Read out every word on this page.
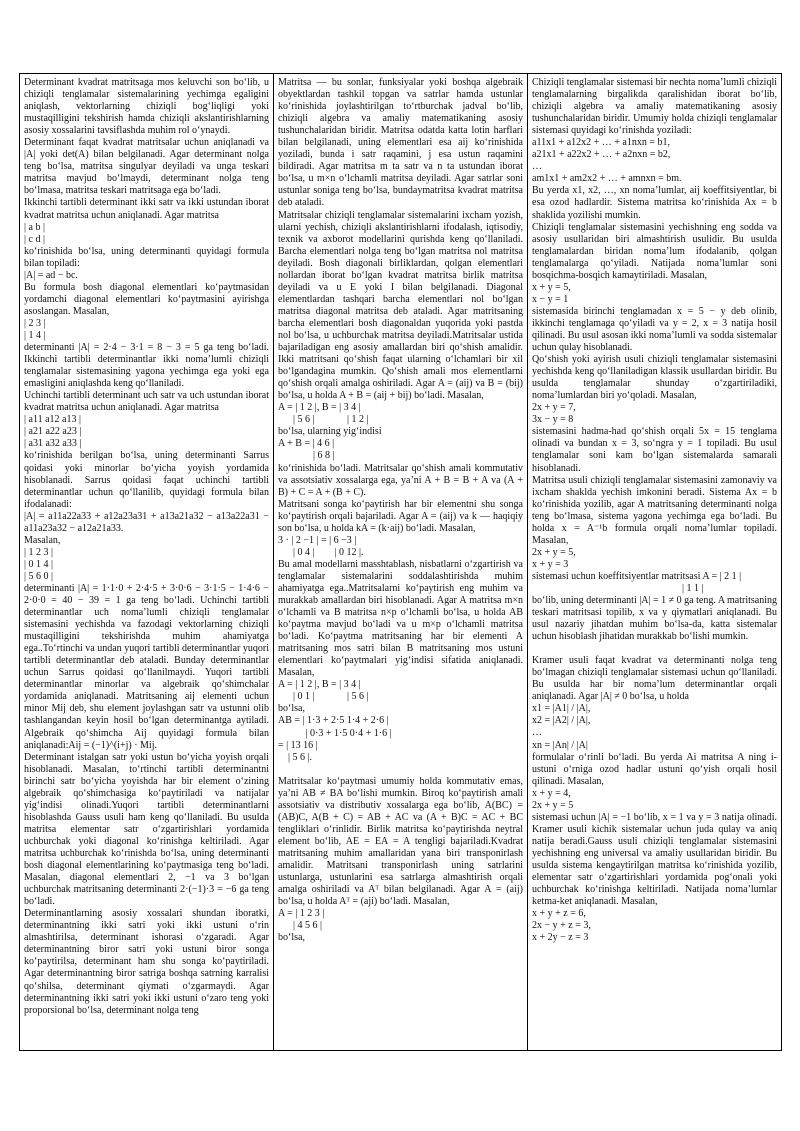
Determinant kvadrat matritsaga mos keluvchi son bo‘lib, u chiziqli tenglamalar sistemalarining yechimga egaligini aniqlash, vektorlarning chiziqli bog‘liqligi yoki mustaqilligini tekshirish hamda chiziqli akslantirishlarning asosiy xossalarini tavsiflashda muhim rol o‘ynaydi.

Determinant faqat kvadrat matritsalar uchun aniqlanadi va |A| yoki det(A) bilan belgilanadi. Agar determinant nolga teng bo‘lsa, matritsa singulyar deyiladi va unga teskari matritsa mavjud bo‘lmaydi, determinant nolga teng bo‘lmasa, matritsa teskari matritsaga ega bo‘ladi.

Ikkinchi tartibli determinant ikki satr va ikki ustundan iborat kvadrat matritsa uchun aniqlanadi. Agar matritsa

| a b |

| c d |

ko‘rinishida bo‘lsa, uning determinanti quyidagi formula bilan topiladi:

|A| = ad − bc.

Bu formula bosh diagonal elementlari ko‘paytmasidan yordamchi diagonal elementlari ko‘paytmasini ayirishga asoslangan. Masalan,

| 2 3 |

| 1 4 |

determinanti |A| = 2·4 − 3·1 = 8 − 3 = 5 ga teng bo‘ladi. Ikkinchi tartibli determinantlar ikki noma’lumli chiziqli tenglamalar sistemasining yagona yechimga ega yoki ega emasligini aniqlashda keng qo‘llaniladi.

Uchinchi tartibli determinant uch satr va uch ustundan iborat kvadrat matritsa uchun aniqlanadi. Agar matritsa

| a11 a12 a13 |

| a21 a22 a23 |

| a31 a32 a33 |

ko‘rinishida berilgan bo‘lsa, uning determinanti Sarrus qoidasi yoki minorlar bo‘yicha yoyish yordamida hisoblanadi. Sarrus qoidasi faqat uchinchi tartibli determinantlar uchun qo‘llanilib, quyidagi formula bilan ifodalanadi:

|A| = a11a22a33 + a12a23a31 + a13a21a32 − a13a22a31 − a11a23a32 − a12a21a33.

Masalan,

| 1 2 3 |

| 0 1 4 |

| 5 6 0 |

determinanti |A| = 1·1·0 + 2·4·5 + 3·0·6 − 3·1·5 − 1·4·6 − 2·0·0 = 40 − 39 = 1 ga teng bo‘ladi. Uchinchi tartibli determinantlar uch noma’lumli chiziqli tenglamalar sistemasini yechishda va fazodagi vektorlarning chiziqli mustaqilligini tekshirishda muhim ahamiyatga ega..To‘rtinchi va undan yuqori tartibli determinantlar yuqori tartibli determinantlar deb ataladi. Bunday determinantlar uchun Sarrus qoidasi qo‘llanilmaydi. Yuqori tartibli determinantlar minorlar va algebraik qo‘shimchalar yordamida aniqlanadi. Matritsaning aij elementi uchun minor Mij deb, shu element joylashgan satr va ustunni olib tashlangandan keyin hosil bo‘lgan determinantga aytiladi. Algebraik qo‘shimcha Aij quyidagi formula bilan aniqlanadi:Aij = (−1)^(i+j) · Mij.

Determinant istalgan satr yoki ustun bo‘yicha yoyish orqali hisoblanadi. Masalan, to‘rtinchi tartibli determinantni birinchi satr bo‘yicha yoyishda har bir element o‘zining algebraik qo‘shimchasiga ko‘paytiriladi va natijalar yig‘indisi olinadi.Yuqori tartibli determinantlarni hisoblashda Gauss usuli ham keng qo‘llaniladi. Bu usulda matritsa elementar satr o‘zgartirishlari yordamida uchburchak yoki diagonal ko‘rinishga keltiriladi. Agar matritsa uchburchak ko‘rinishda bo‘lsa, uning determinanti bosh diagonal elementlarining ko‘paytmasiga teng bo‘ladi. Masalan, diagonal elementlari 2, −1 va 3 bo‘lgan uchburchak matritsaning determinanti 2·(−1)·3 = −6 ga teng bo‘ladi.

Determinantlarning asosiy xossalari shundan iboratki, determinantning ikki satri yoki ikki ustuni o‘rin almashtirilsa, determinant ishorasi o‘zgaradi. Agar determinantning biror satri yoki ustuni biror songa ko‘paytirilsa, determinant ham shu songa ko‘paytiriladi. Agar determinantning biror satriga boshqa satrning karralisi qo‘shilsa, determinant qiymati o‘zgarmaydi. Agar determinantning ikki satri yoki ikki ustuni o‘zaro teng yoki proporsional bo‘lsa, determinant nolga teng

Matritsa — bu sonlar, funksiyalar yoki boshqa algebraik obyektlardan tashkil topgan va satrlar hamda ustunlar ko‘rinishida joylashtirilgan to‘rtburchak jadval bo‘lib, chiziqli algebra va amaliy matematikaning asosiy tushunchalaridan biridir. Matritsa odatda katta lotin harflari bilan belgilanadi, uning elementlari esa aij ko‘rinishida yoziladi, bunda i satr raqamini, j esa ustun raqamini bildiradi. Agar matritsa m ta satr va n ta ustundan iborat bo‘lsa, u m×n o‘lchamli matritsa deyiladi. Agar satrlar soni ustunlar soniga teng bo‘lsa, bundaymatritsa kvadrat matritsa deb ataladi.

Matritsalar chiziqli tenglamalar sistemalarini ixcham yozish, ularni yechish, chiziqli akslantirishlarni ifodalash, iqtisodiy, texnik va axborot modellarini qurishda keng qo‘llaniladi. Barcha elementlari nolga teng bo‘lgan matritsa nol matritsa deyiladi. Bosh diagonali birliklardan, qolgan elementlari nollardan iborat bo‘lgan kvadrat matritsa birlik matritsa deyiladi va u E yoki I bilan belgilanadi. Diagonal elementlardan tashqari barcha elementlari nol bo‘lgan matritsa diagonal matritsa deb ataladi. Agar matritsaning barcha elementlari bosh diagonaldan yuqorida yoki pastda nol bo‘lsa, u uchburchak matritsa deyiladi.Matritsalar ustida bajariladigan eng asosiy amallardan biri qo‘shish amalidir. Ikki matritsani qo‘shish faqat ularning o‘lchamlari bir xil bo‘lgandagina mumkin. Qo‘shish amali mos elementlarni qo‘shish orqali amalga oshiriladi. Agar A = (aij) va B = (bij) bo‘lsa, u holda A + B = (aij + bij) bo‘ladi. Masalan,

A = | 1 2 |, B = | 3 4 |

| 5 6 |             | 1 2 |

bo‘lsa, ularning yig‘indisi

A + B = | 4 6 |

| 6 8 |

ko‘rinishida bo‘ladi. Matritsalar qo‘shish amali kommutativ va assotsiativ xossalarga ega, ya’ni A + B = B + A va (A + B) + C = A + (B + C).

Matritsani songa ko‘paytirish har bir elementni shu songa ko‘paytirish orqali bajariladi. Agar A = (aij) va k — haqiqiy son bo‘lsa, u holda kA = (k·aij) bo‘ladi. Masalan,

3 · | 2 −1 | = | 6 −3 |

| 0 4 |        | 0 12 |.

Bu amal modellarni masshtablash, nisbatlarni o‘zgartirish va tenglamalar sistemalarini soddalashtirishda muhim ahamiyatga ega..Matritsalarni ko‘paytirish eng muhim va murakkab amallardan biri hisoblanadi. Agar A matritsa m×n o‘lchamli va B matritsa n×p o‘lchamli bo‘lsa, u holda AB ko‘paytma mavjud bo‘ladi va u m×p o‘lchamli matritsa bo‘ladi. Ko‘paytma matritsaning har bir elementi A matritsaning mos satri bilan B matritsaning mos ustuni elementlari ko‘paytmalari yig‘indisi sifatida aniqlanadi. Masalan,

A = | 1 2 |, B = | 3 4 |

| 0 1 |             | 5 6 |

bo‘lsa,

AB = | 1·3 + 2·5 1·4 + 2·6 |

| 0·3 + 1·5 0·4 + 1·6 |

= | 13 16 |

| 5 6 |.

Matritsalar ko‘paytmasi umumiy holda kommutativ emas, ya’ni AB ≠ BA bo‘lishi mumkin. Biroq ko‘paytirish amali assotsiativ va distributiv xossalarga ega bo‘lib, A(BC) = (AB)C, A(B + C) = AB + AC va (A + B)C = AC + BC tengliklari o‘rinlidir. Birlik matritsa ko‘paytirishda neytral element bo‘lib, AE = EA = A tengligi bajariladi.Kvadrat matritsaning muhim amallaridan yana biri transponirlash amalidir. Matritsani transponirlash uning satrlarini ustunlarga, ustunlarini esa satrlarga almashtirish orqali amalga oshiriladi va Aᵀ bilan belgilanadi. Agar A = (aij) bo‘lsa, u holda Aᵀ = (aji) bo‘ladi. Masalan,

A = | 1 2 3 |

| 4 5 6 |

bo‘lsa,

Chiziqli tenglamalar sistemasi bir nechta noma’lumli chiziqli tenglamalarning birgalikda qaralishidan iborat bo‘lib, chiziqli algebra va amaliy matematikaning asosiy tushunchalaridan biridir. Umumiy holda chiziqli tenglamalar sistemasi quyidagi ko‘rinishda yoziladi:

a11x1 + a12x2 + … + a1nxn = b1,

a21x1 + a22x2 + … + a2nxn = b2,

…

am1x1 + am2x2 + … + amnxn = bm.

Bu yerda x1, x2, …, xn noma’lumlar, aij koeffitsiyentlar, bi esa ozod hadlardir. Sistema matritsa ko‘rinishida Ax = b shaklida yozilishi mumkin.

Chiziqli tenglamalar sistemasini yechishning eng sodda va asosiy usullaridan biri almashtirish usulidir. Bu usulda tenglamalardan biridan noma’lum ifodalanib, qolgan tenglamalarga qo‘yiladi. Natijada noma’lumlar soni bosqichma-bosqich kamaytiriladi. Masalan,

x + y = 5,

x − y = 1

sistemasida birinchi tenglamadan x = 5 − y deb olinib, ikkinchi tenglamaga qo‘yiladi va y = 2, x = 3 natija hosil qilinadi. Bu usul asosan ikki noma’lumli va sodda sistemalar uchun qulay hisoblanadi.

Qo‘shish yoki ayirish usuli chiziqli tenglamalar sistemasini yechishda keng qo‘llaniladigan klassik usullardan biridir. Bu usulda tenglamalar shunday o‘zgartiriladiki, noma’lumlardan biri yo‘qoladi. Masalan,

2x + y = 7,

3x − y = 8

sistemasini hadma-had qo‘shish orqali 5x = 15 tenglama olinadi va bundan x = 3, so‘ngra y = 1 topiladi. Bu usul tenglamalar soni kam bo‘lgan sistemalarda samarali hisoblanadi.

Matritsa usuli chiziqli tenglamalar sistemasini zamonaviy va ixcham shaklda yechish imkonini beradi. Sistema Ax = b ko‘rinishida yozilib, agar A matritsaning determinanti nolga teng bo‘lmasa, sistema yagona yechimga ega bo‘ladi. Bu holda x = A⁻¹b formula orqali noma’lumlar topiladi. Masalan,

2x + y = 5,

x + y = 3

sistemasi uchun koeffitsiyentlar matritsasi A = | 2 1 |

| 1 1 |

bo‘lib, uning determinanti |A| = 1 ≠ 0 ga teng. A matritsaning teskari matritsasi topilib, x va y qiymatlari aniqlanadi. Bu usul nazariy jihatdan muhim bo‘lsa-da, katta sistemalar uchun hisoblash jihatidan murakkab bo‘lishi mumkin.

Kramer usuli faqat kvadrat va determinanti nolga teng bo‘lmagan chiziqli tenglamalar sistemasi uchun qo‘llaniladi. Bu usulda har bir noma’lum determinantlar orqali aniqlanadi. Agar |A| ≠ 0 bo‘lsa, u holda

x1 = |A1| / |A|,

x2 = |A2| / |A|,

…

xn = |An| / |A|

formulalar o‘rinli bo‘ladi. Bu yerda Ai matritsa A ning i-ustuni o‘rniga ozod hadlar ustuni qo‘yish orqali hosil qilinadi. Masalan,

x + y = 4,

2x + y = 5

sistemasi uchun |A| = −1 bo‘lib, x = 1 va y = 3 natija olinadi. Kramer usuli kichik sistemalar uchun juda qulay va aniq natija beradi.Gauss usuli chiziqli tenglamalar sistemasini yechishning eng universal va amaliy usullaridan biridir. Bu usulda sistema kengaytirilgan matritsa ko‘rinishida yozilib, elementar satr o‘zgartirishlari yordamida pog‘onali yoki uchburchak ko‘rinishga keltiriladi. Natijada noma’lumlar ketma-ket aniqlanadi. Masalan,

x + y + z = 6,

2x − y + z = 3,

x + 2y − z = 3
